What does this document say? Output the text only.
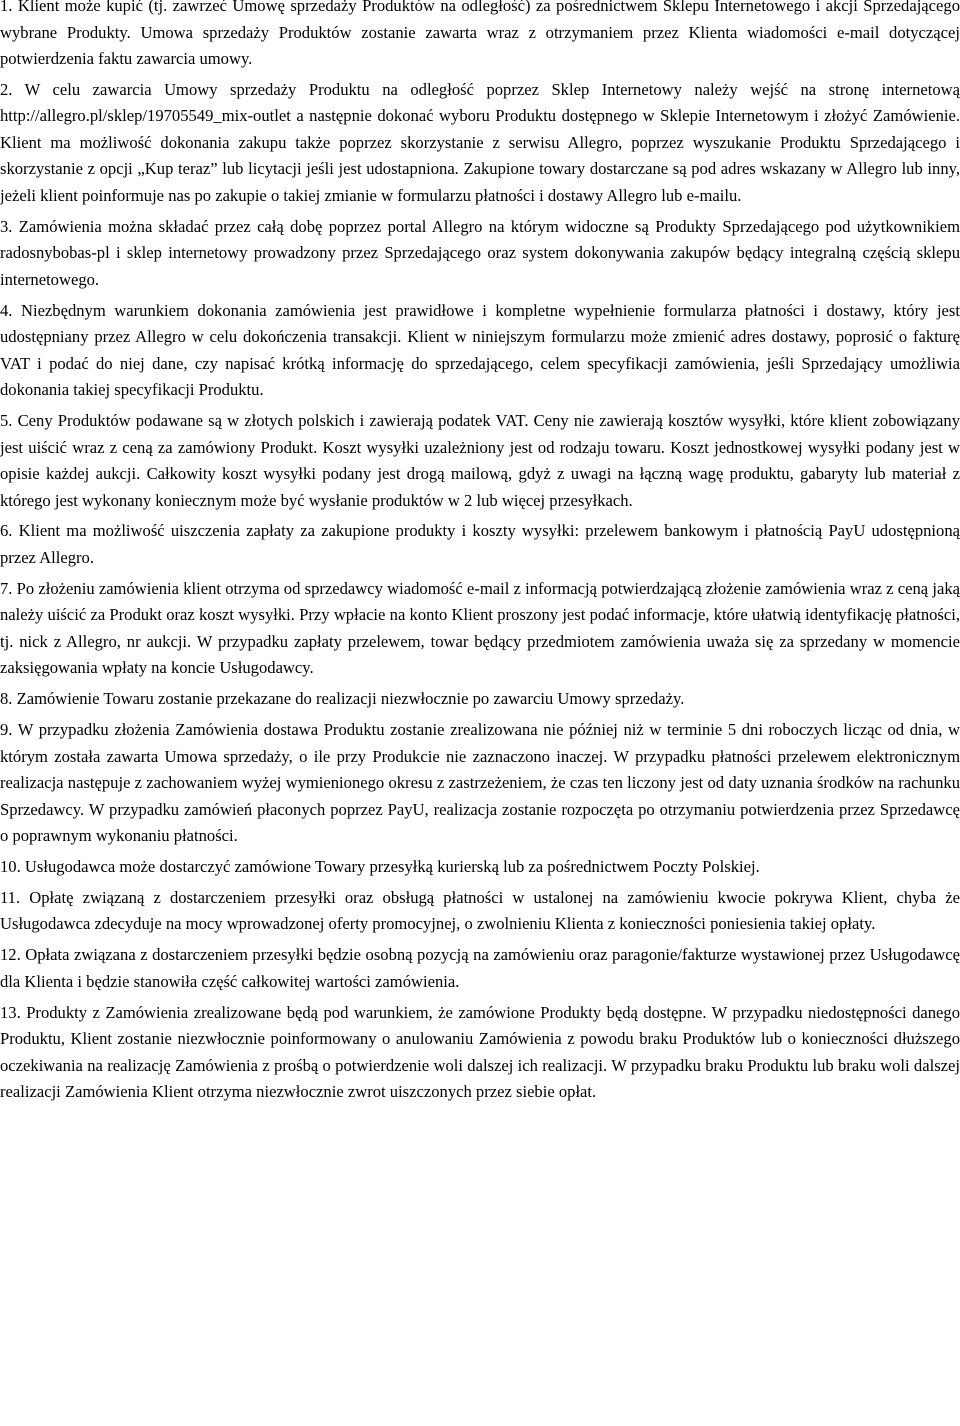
1. Klient może kupić (tj. zawrzeć Umowę sprzedaży Produktów na odległość) za pośrednictwem Sklepu Internetowego i akcji Sprzedającego wybrane Produkty. Umowa sprzedaży Produktów zostanie zawarta wraz z otrzymaniem przez Klienta wiadomości e-mail dotyczącej potwierdzenia faktu zawarcia umowy.

2. W celu zawarcia Umowy sprzedaży Produktu na odległość poprzez Sklep Internetowy należy wejść na stronę internetową http://allegro.pl/sklep/19705549_mix-outlet a następnie dokonać wyboru Produktu dostępnego w Sklepie Internetowym i złożyć Zamówienie. Klient ma możliwość dokonania zakupu także poprzez skorzystanie z serwisu Allegro, poprzez wyszukanie Produktu Sprzedającego i skorzystanie z opcji „Kup teraz” lub licytacji jeśli jest udostapniona. Zakupione towary dostarczane są pod adres wskazany w Allegro lub inny, jeżeli klient poinformuje nas po zakupie o takiej zmianie w formularzu płatności i dostawy Allegro lub e-mailu.

3. Zamówienia można składać przez całą dobę poprzez portal Allegro na którym widoczne są Produkty Sprzedającego pod użytkownikiem radosnybobas-pl i sklep internetowy prowadzony przez Sprzedającego oraz system dokonywania zakupów będący integralną częścią sklepu internetowego.

4. Niezbędnym warunkiem dokonania zamówienia jest prawidłowe i kompletne wypełnienie formularza płatności i dostawy, który jest udostępniany przez Allegro w celu dokończenia transakcji. Klient w niniejszym formularzu może zmienić adres dostawy, poprosić o fakturę VAT i podać do niej dane, czy napisać krótką informację do sprzedającego, celem specyfikacji zamówienia, jeśli Sprzedający umożliwia dokonania takiej specyfikacji Produktu.

5. Ceny Produktów podawane są w złotych polskich i zawierają podatek VAT. Ceny nie zawierają kosztów wysyłki, które klient zobowiązany jest uiścić wraz z ceną za zamówiony Produkt. Koszt wysyłki uzależniony jest od rodzaju towaru. Koszt jednostkowej wysyłki podany jest w opisie każdej aukcji. Całkowity koszt wysyłki podany jest drogą mailową, gdyż z uwagi na łączną wagę produktu, gabaryty lub materiał z którego jest wykonany koniecznym może być wysłanie produktów w 2 lub więcej przesyłkach.

6. Klient ma możliwość uiszczenia zapłaty za zakupione produkty i koszty wysyłki: przelewem bankowym i płatnością PayU udostępnioną przez Allegro.

7. Po złożeniu zamówienia klient otrzyma od sprzedawcy wiadomość e-mail z informacją potwierdzającą złożenie zamówienia wraz z ceną jaką należy uiścić za Produkt oraz koszt wysyłki. Przy wpłacie na konto Klient proszony jest podać informacje, które ułatwią identyfikację płatności, tj. nick z Allegro, nr aukcji. W przypadku zapłaty przelewem, towar będący przedmiotem zamówienia uważa się za sprzedany w momencie zaksięgowania wpłaty na koncie Usługodawcy.

8. Zamówienie Towaru zostanie przekazane do realizacji niezwłocznie po zawarciu Umowy sprzedaży.

9. W przypadku złożenia Zamówienia dostawa Produktu zostanie zrealizowana nie później niż w terminie 5 dni roboczych licząc od dnia, w którym została zawarta Umowa sprzedaży, o ile przy Produkcie nie zaznaczono inaczej. W przypadku płatności przelewem elektronicznym realizacja następuje z zachowaniem wyżej wymienionego okresu z zastrzeżeniem, że czas ten liczony jest od daty uznania środków na rachunku Sprzedawcy. W przypadku zamówień płaconych poprzez PayU, realizacja zostanie rozpoczęta po otrzymaniu potwierdzenia przez Sprzedawcę o poprawnym wykonaniu płatności.

10. Usługodawca może dostarczyć zamówione Towary przesyłką kurierską lub za pośrednictwem Poczty Polskiej.

11. Opłatę związaną z dostarczeniem przesyłki oraz obsługą płatności w ustalonej na zamówieniu kwocie pokrywa Klient, chyba że Usługodawca zdecyduje na mocy wprowadzonej oferty promocyjnej, o zwolnieniu Klienta z konieczności poniesienia takiej opłaty.

12. Opłata związana z dostarczeniem przesyłki będzie osobną pozycją na zamówieniu oraz paragonie/fakturze wystawionej przez Usługodawcę dla Klienta i będzie stanowiła część całkowitej wartości zamówienia.

13. Produkty z Zamówienia zrealizowane będą pod warunkiem, że zamówione Produkty będą dostępne. W przypadku niedostępności danego Produktu, Klient zostanie niezwłocznie poinformowany o anulowaniu Zamówienia z powodu braku Produktów lub o konieczności dłuższego oczekiwania na realizację Zamówienia z prośbą o potwierdzenie woli dalszej ich realizacji. W przypadku braku Produktu lub braku woli dalszej realizacji Zamówienia Klient otrzyma niezwłocznie zwrot uiszczonych przez siebie opłat.
